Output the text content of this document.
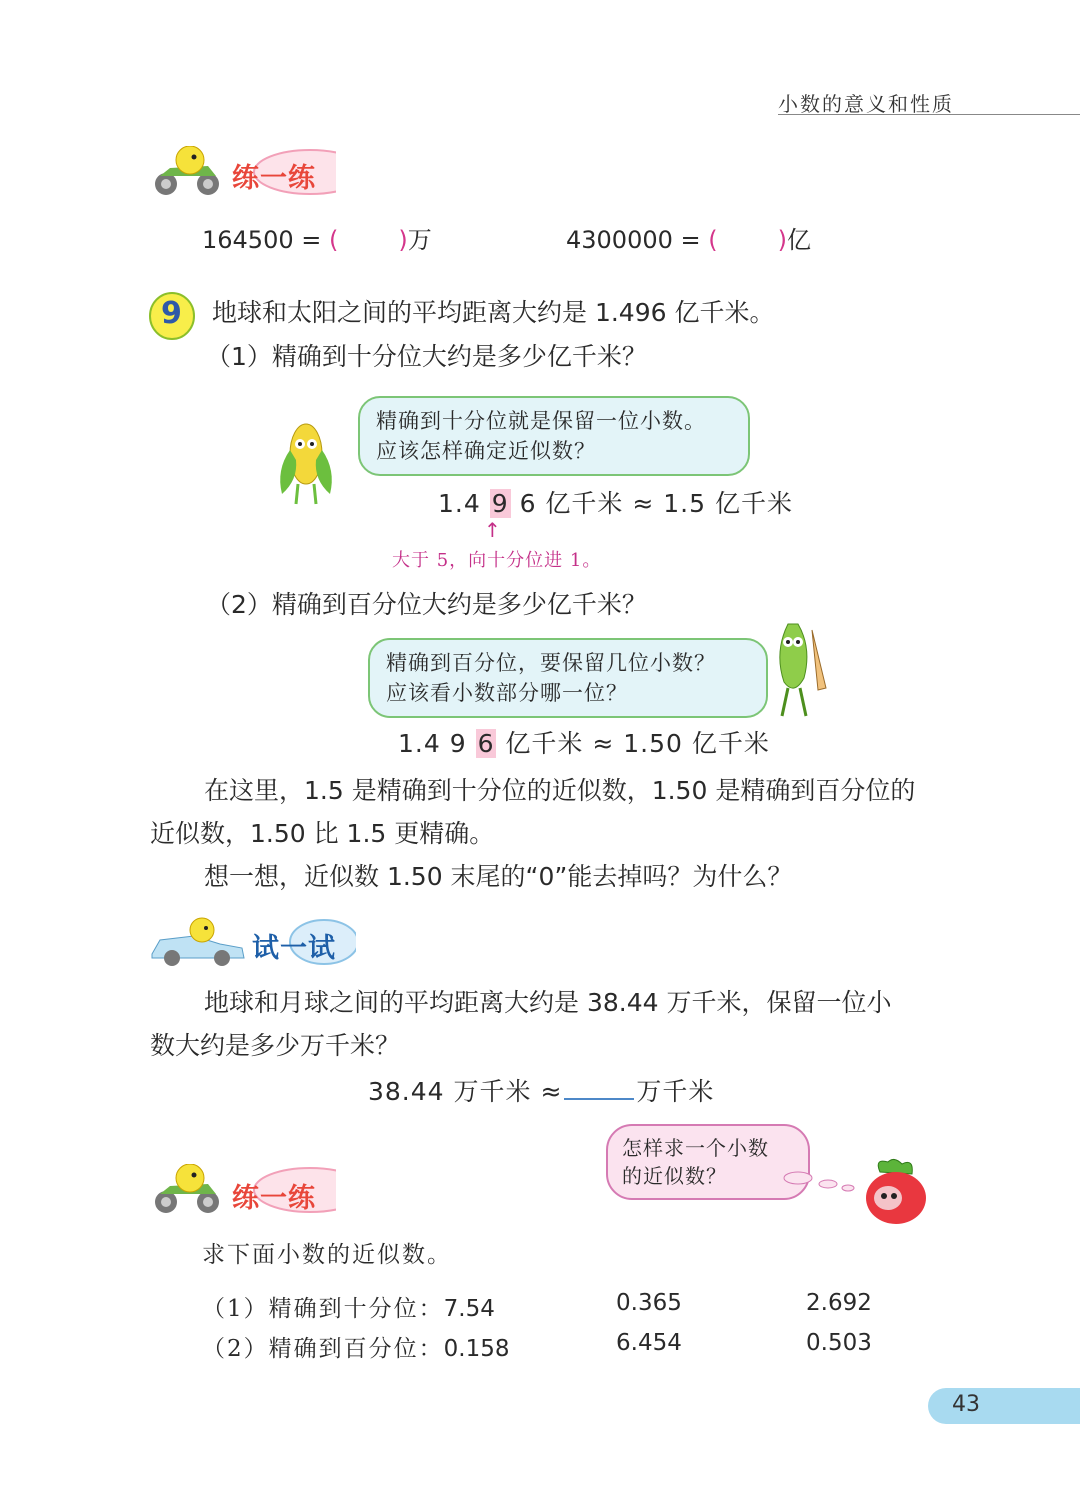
小数的意义和性质
练一练
164500 = (	)万	4300000 = (	)亿
9 地球和太阳之间的平均距离大约是 1.496 亿千米。
（1）精确到十分位大约是多少亿千米？
精确到十分位就是保留一位小数。
应该怎样确定近似数？
1.4 9 6 亿千米 ≈ 1.5 亿千米
↑
大于 5，向十分位进 1。
（2）精确到百分位大约是多少亿千米？
精确到百分位，要保留几位小数？
应该看小数部分哪一位？
1.4 9 6 亿千米 ≈ 1.50 亿千米
在这里，1.5 是精确到十分位的近似数，1.50 是精确到百分位的
近似数，1.50 比 1.5 更精确。
想一想，近似数 1.50 末尾的“0”能去掉吗？为什么？
试一试
地球和月球之间的平均距离大约是 38.44 万千米，保留一位小
数大约是多少万千米？
38.44 万千米 ≈	万千米
练一练
怎样求一个小数
的近似数？
求下面小数的近似数。
（1）精确到十分位：7.54	0.365	2.692
（2）精确到百分位：0.158	6.454	0.503
43
